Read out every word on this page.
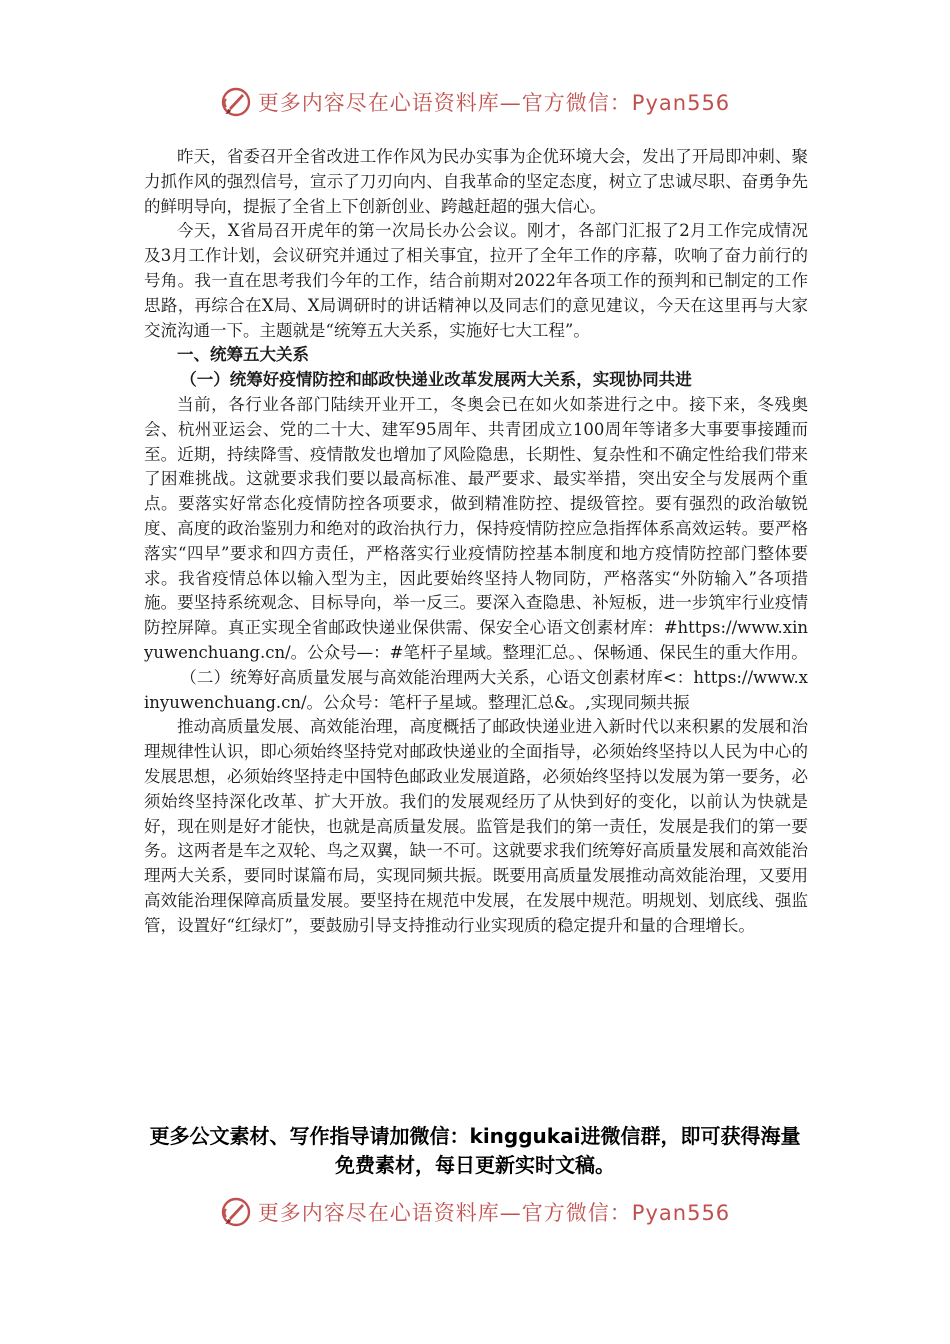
更多内容尽在心语资料库—官方微信：Pyan556

昨天，省委召开全省改进工作作风为民办实事为企优环境大会，发出了开局即冲刺、聚力抓作风的强烈信号，宣示了刀刃向内、自我革命的坚定态度，树立了忠诚尽职、奋勇争先的鲜明导向，提振了全省上下创新创业、跨越赶超的强大信心。

今天，X省局召开虎年的第一次局长办公会议。刚才，各部门汇报了2月工作完成情况及3月工作计划，会议研究并通过了相关事宜，拉开了全年工作的序幕，吹响了奋力前行的号角。我一直在思考我们今年的工作，结合前期对2022年各项工作的预判和已制定的工作思路，再综合在X局、X局调研时的讲话精神以及同志们的意见建议，今天在这里再与大家交流沟通一下。主题就是“统筹五大关系，实施好七大工程”。

一、统筹五大关系

（一）统筹好疫情防控和邮政快递业改革发展两大关系，实现协同共进

当前，各行业各部门陆续开业开工，冬奥会已在如火如荼进行之中。接下来，冬残奥会、杭州亚运会、党的二十大、建军95周年、共青团成立100周年等诸多大事要事接踵而至。近期，持续降雪、疫情散发也增加了风险隐患，长期性、复杂性和不确定性给我们带来了困难挑战。这就要求我们要以最高标准、最严要求、最实举措，突出安全与发展两个重点。要落实好常态化疫情防控各项要求，做到精准防控、提级管控。要有强烈的政治敏锐度、高度的政治鉴别力和绝对的政治执行力，保持疫情防控应急指挥体系高效运转。要严格落实“四早”要求和四方责任，严格落实行业疫情防控基本制度和地方疫情防控部门整体要求。我省疫情总体以输入型为主，因此要始终坚持人物同防，严格落实“外防输入”各项措施。要坚持系统观念、目标导向，举一反三。要深入查隐患、补短板，进一步筑牢行业疫情防控屏障。真正实现全省邮政快递业保供需、保安全心语文创素材库：#https://www.xinyuwenchuang.cn/。公众号—：#笔杆子星域。整理汇总。、保畅通、保民生的重大作用。

（二）统筹好高质量发展与高效能治理两大关系，心语文创素材库<：https://www.xinyuwenchuang.cn/。公众号：笔杆子星域。整理汇总&。,实现同频共振

推动高质量发展、高效能治理，高度概括了邮政快递业进入新时代以来积累的发展和治理规律性认识，即心须始终坚持党对邮政快递业的全面指导，必须始终坚持以人民为中心的发展思想，必须始终坚持走中国特色邮政业发展道路，必须始终坚持以发展为第一要务，必须始终坚持深化改革、扩大开放。我们的发展观经历了从快到好的变化，以前认为快就是好，现在则是好才能快，也就是高质量发展。监管是我们的第一责任，发展是我们的第一要务。这两者是车之双轮、鸟之双翼，缺一不可。这就要求我们统筹好高质量发展和高效能治理两大关系，要同时谋篇布局，实现同频共振。既要用高质量发展推动高效能治理，又要用高效能治理保障高质量发展。要坚持在规范中发展，在发展中规范。明规划、划底线、强监管，设置好“红绿灯”，要鼓励引导支持推动行业实现质的稳定提升和量的合理增长。

更多公文素材、写作指导请加微信：kinggukai进微信群，即可获得海量免费素材，每日更新实时文稿。
更多内容尽在心语资料库—官方微信：Pyan556
